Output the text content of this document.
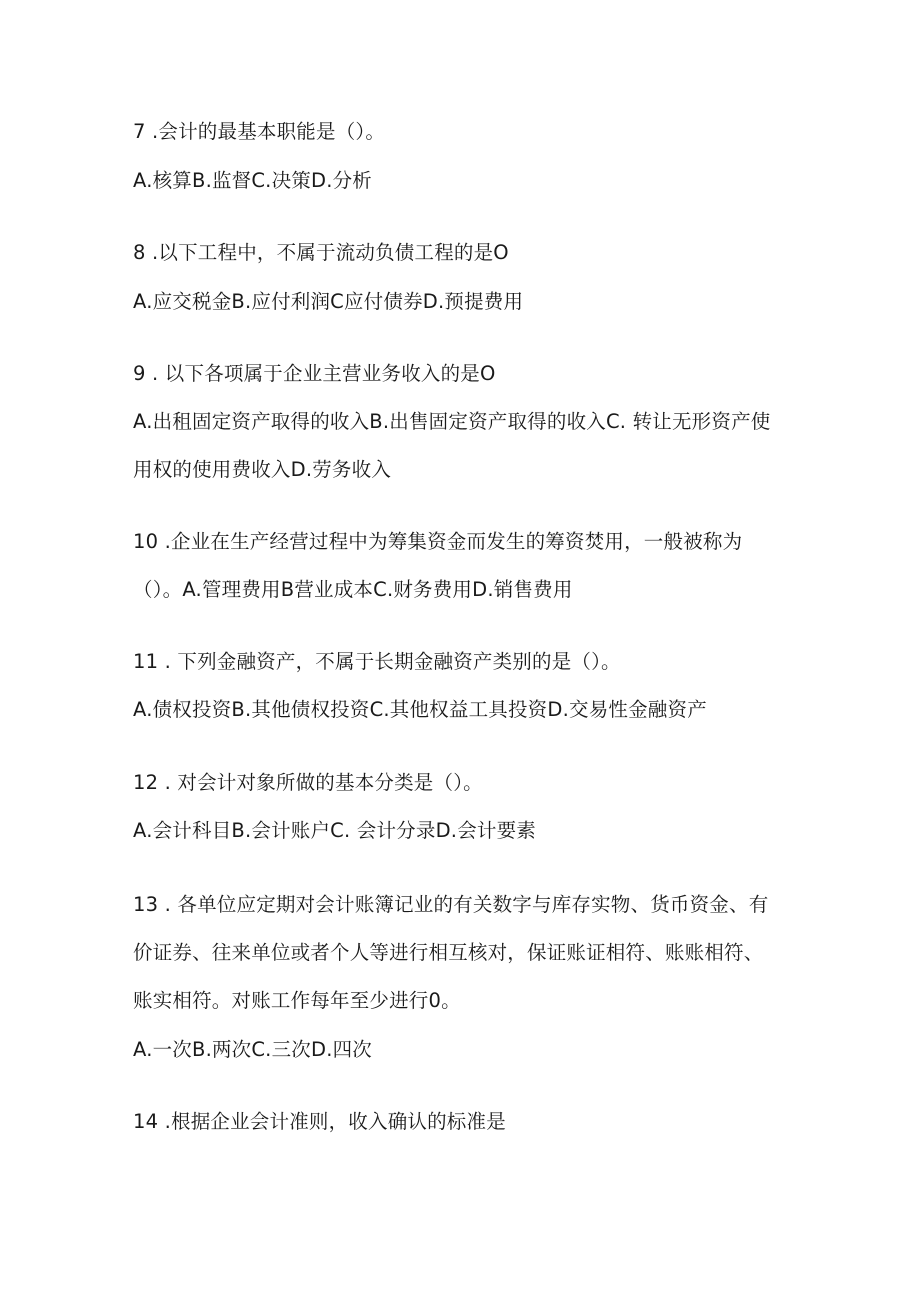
7 .会计的最基本职能是（）。
A.核算B.监督C.决策D.分析
8 .以下工程中，不属于流动负债工程的是O
A.应交税金B.应付利润C应付债券D.预提费用
9 . 以下各项属于企业主营业务收入的是O
A.出租固定资产取得的收入B.出售固定资产取得的收入C. 转让无形资产使
用权的使用费收入D.劳务收入
10 .企业在生产经营过程中为筹集资金而发生的筹资焚用，一般被称为
（）。A.管理费用B营业成本C.财务费用D.销售费用
11 . 下列金融资产，不属于长期金融资产类别的是（）。
A.债权投资B.其他债权投资C.其他权益工具投资D.交易性金融资产
12 . 对会计对象所做的基本分类是（）。
A.会计科目B.会计账户C. 会计分录D.会计要素
13 . 各单位应定期对会计账簿记业的有关数字与库存实物、货币资金、有
价证券、往来单位或者个人等进行相互核对，保证账证相符、账账相符、
账实相符。对账工作每年至少进行0。
A.一次B.两次C.三次D.四次
14 .根据企业会计准则，收入确认的标准是
